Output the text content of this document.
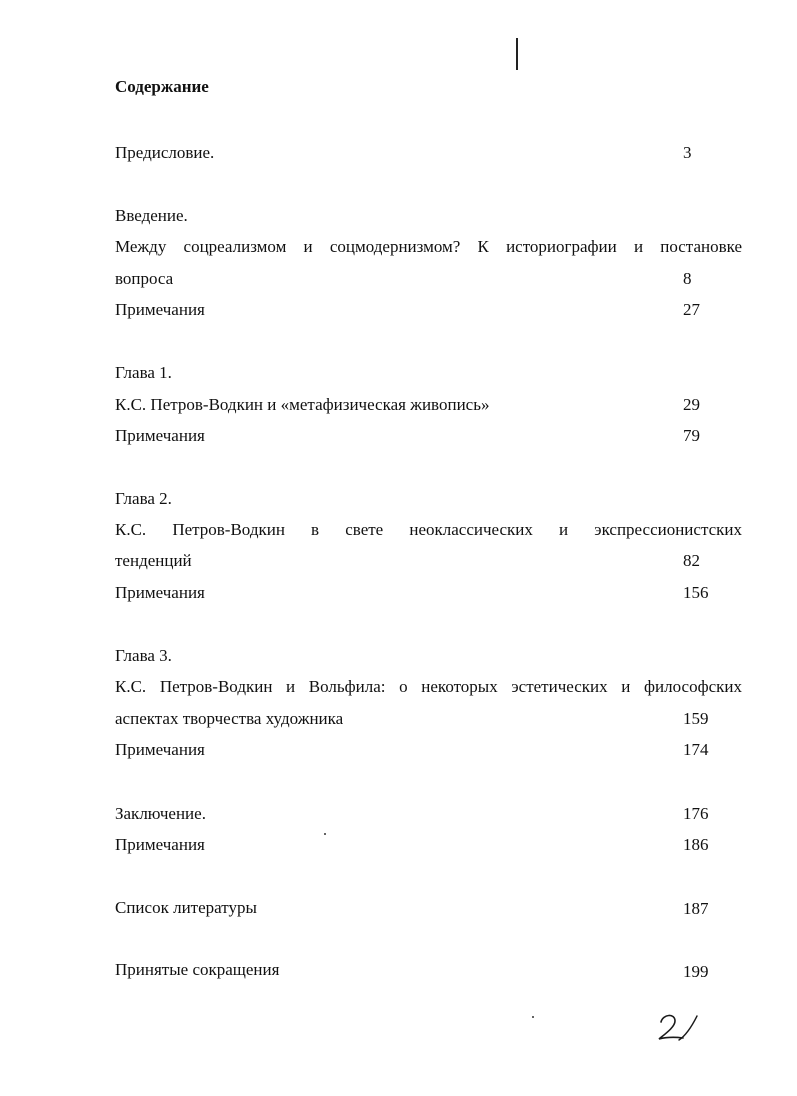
Содержание
Предисловие.	3
Введение.
Между соцреализмом и соцмодернизмом? К историографии и постановке
вопроса	8
Примечания	27
Глава 1.
К.С. Петров-Водкин и «метафизическая живопись»	29
Примечания	79
Глава 2.
К.С. Петров-Водкин в свете неоклассических и экспрессионистских
тенденций	82
Примечания	156
Глава 3.
К.С. Петров-Водкин и Вольфила: о некоторых эстетических и философских
аспектах творчества художника	159
Примечания	174
Заключение.	176
Примечания	186
Список литературы	187
Принятые сокращения	199
